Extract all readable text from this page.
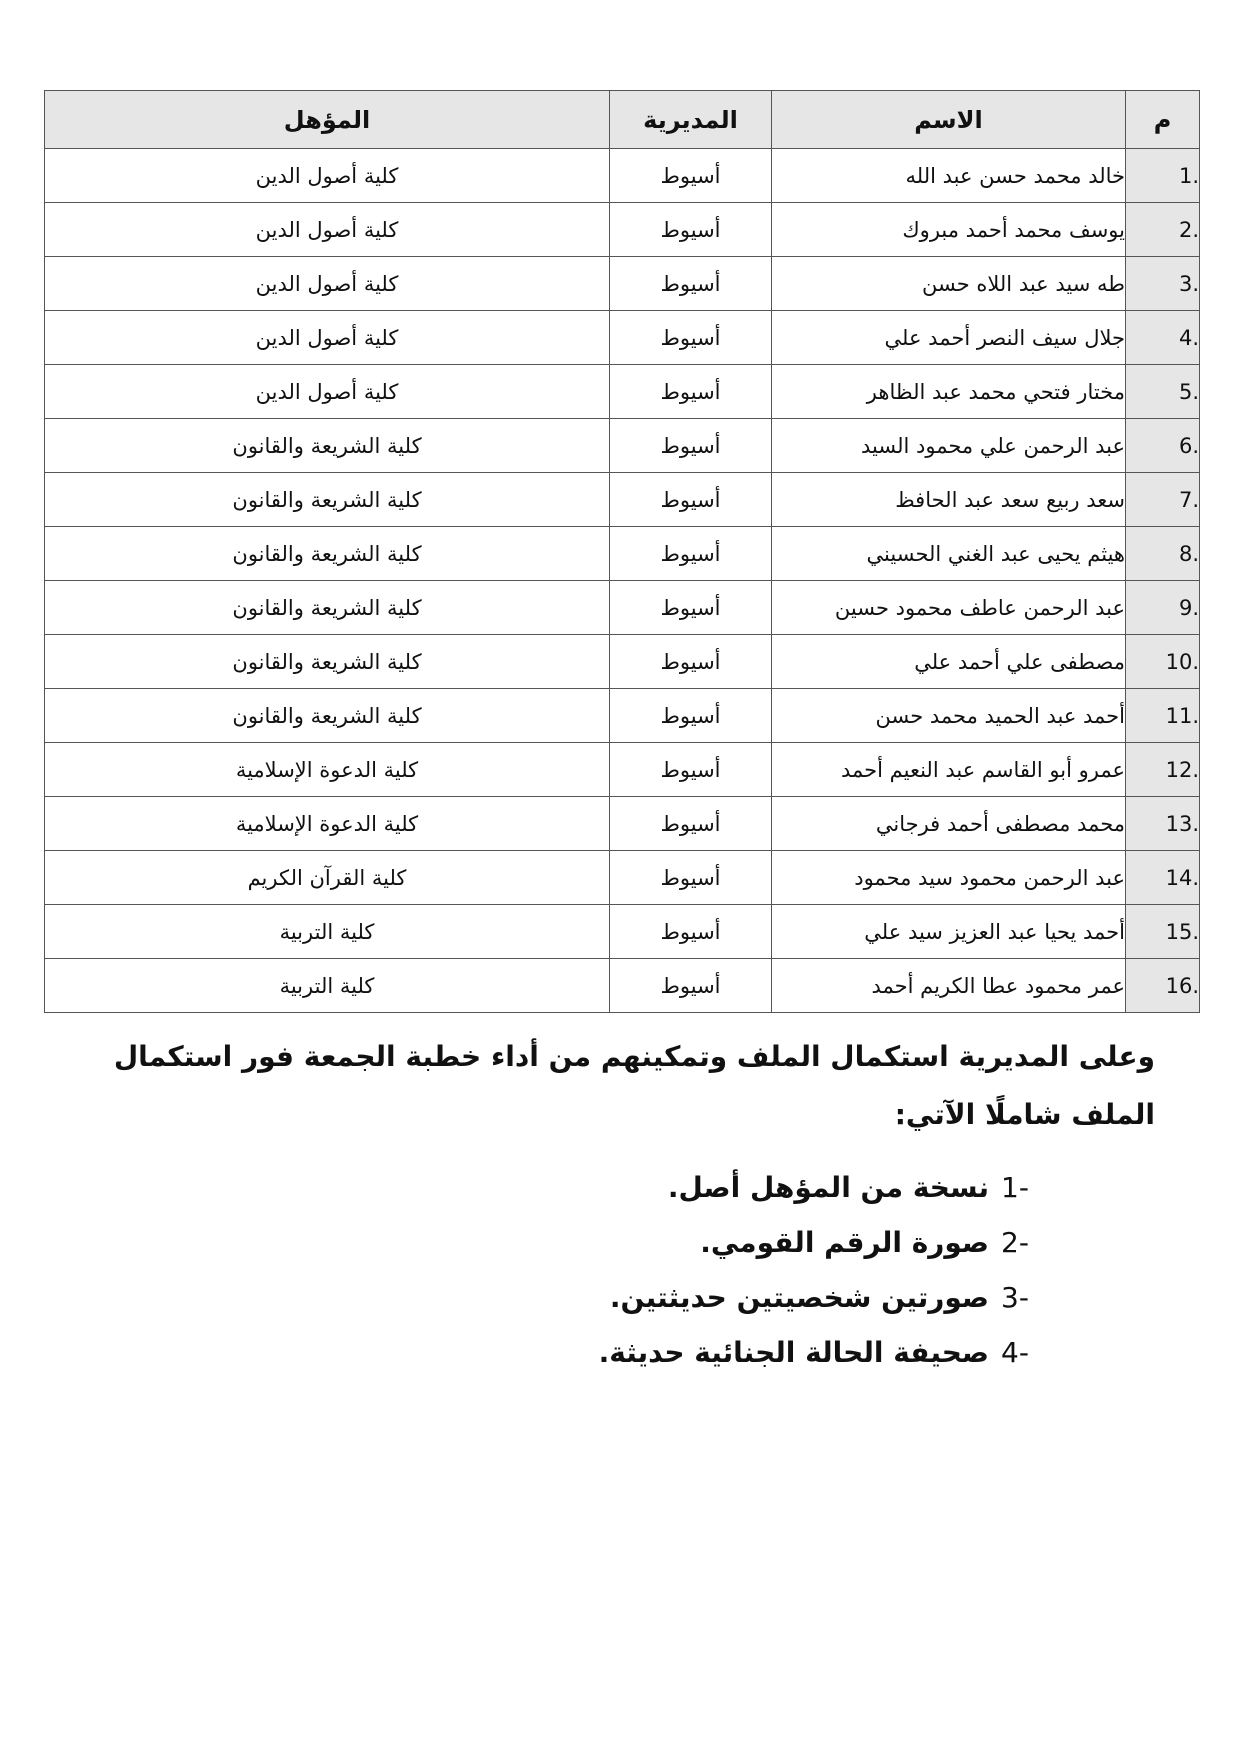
م	الاسم	المديرية	المؤهل
1.	خالد محمد حسن عبد الله	أسيوط	كلية أصول الدين
2.	يوسف محمد أحمد مبروك	أسيوط	كلية أصول الدين
3.	طه سيد عبد اللاه حسن	أسيوط	كلية أصول الدين
4.	جلال سيف النصر أحمد علي	أسيوط	كلية أصول الدين
5.	مختار فتحي محمد عبد الظاهر	أسيوط	كلية أصول الدين
6.	عبد الرحمن علي محمود السيد	أسيوط	كلية الشريعة والقانون
7.	سعد ربيع سعد عبد الحافظ	أسيوط	كلية الشريعة والقانون
8.	هيثم يحيى عبد الغني الحسيني	أسيوط	كلية الشريعة والقانون
9.	عبد الرحمن عاطف محمود حسين	أسيوط	كلية الشريعة والقانون
10.	مصطفى علي أحمد علي	أسيوط	كلية الشريعة والقانون
11.	أحمد عبد الحميد محمد حسن	أسيوط	كلية الشريعة والقانون
12.	عمرو أبو القاسم عبد النعيم أحمد	أسيوط	كلية الدعوة الإسلامية
13.	محمد مصطفى أحمد فرجاني	أسيوط	كلية الدعوة الإسلامية
14.	عبد الرحمن محمود سيد محمود	أسيوط	كلية القرآن الكريم
15.	أحمد يحيا عبد العزيز سيد علي	أسيوط	كلية التربية
16.	عمر محمود عطا الكريم أحمد	أسيوط	كلية التربية
وعلى المديرية استكمال الملف وتمكينهم من أداء خطبة الجمعة فور استكمال الملف شاملًا الآتي:
1-نسخة من المؤهل أصل.
2-صورة الرقم القومي.
3-صورتين شخصيتين حديثتين.
4-صحيفة الحالة الجنائية حديثة.
